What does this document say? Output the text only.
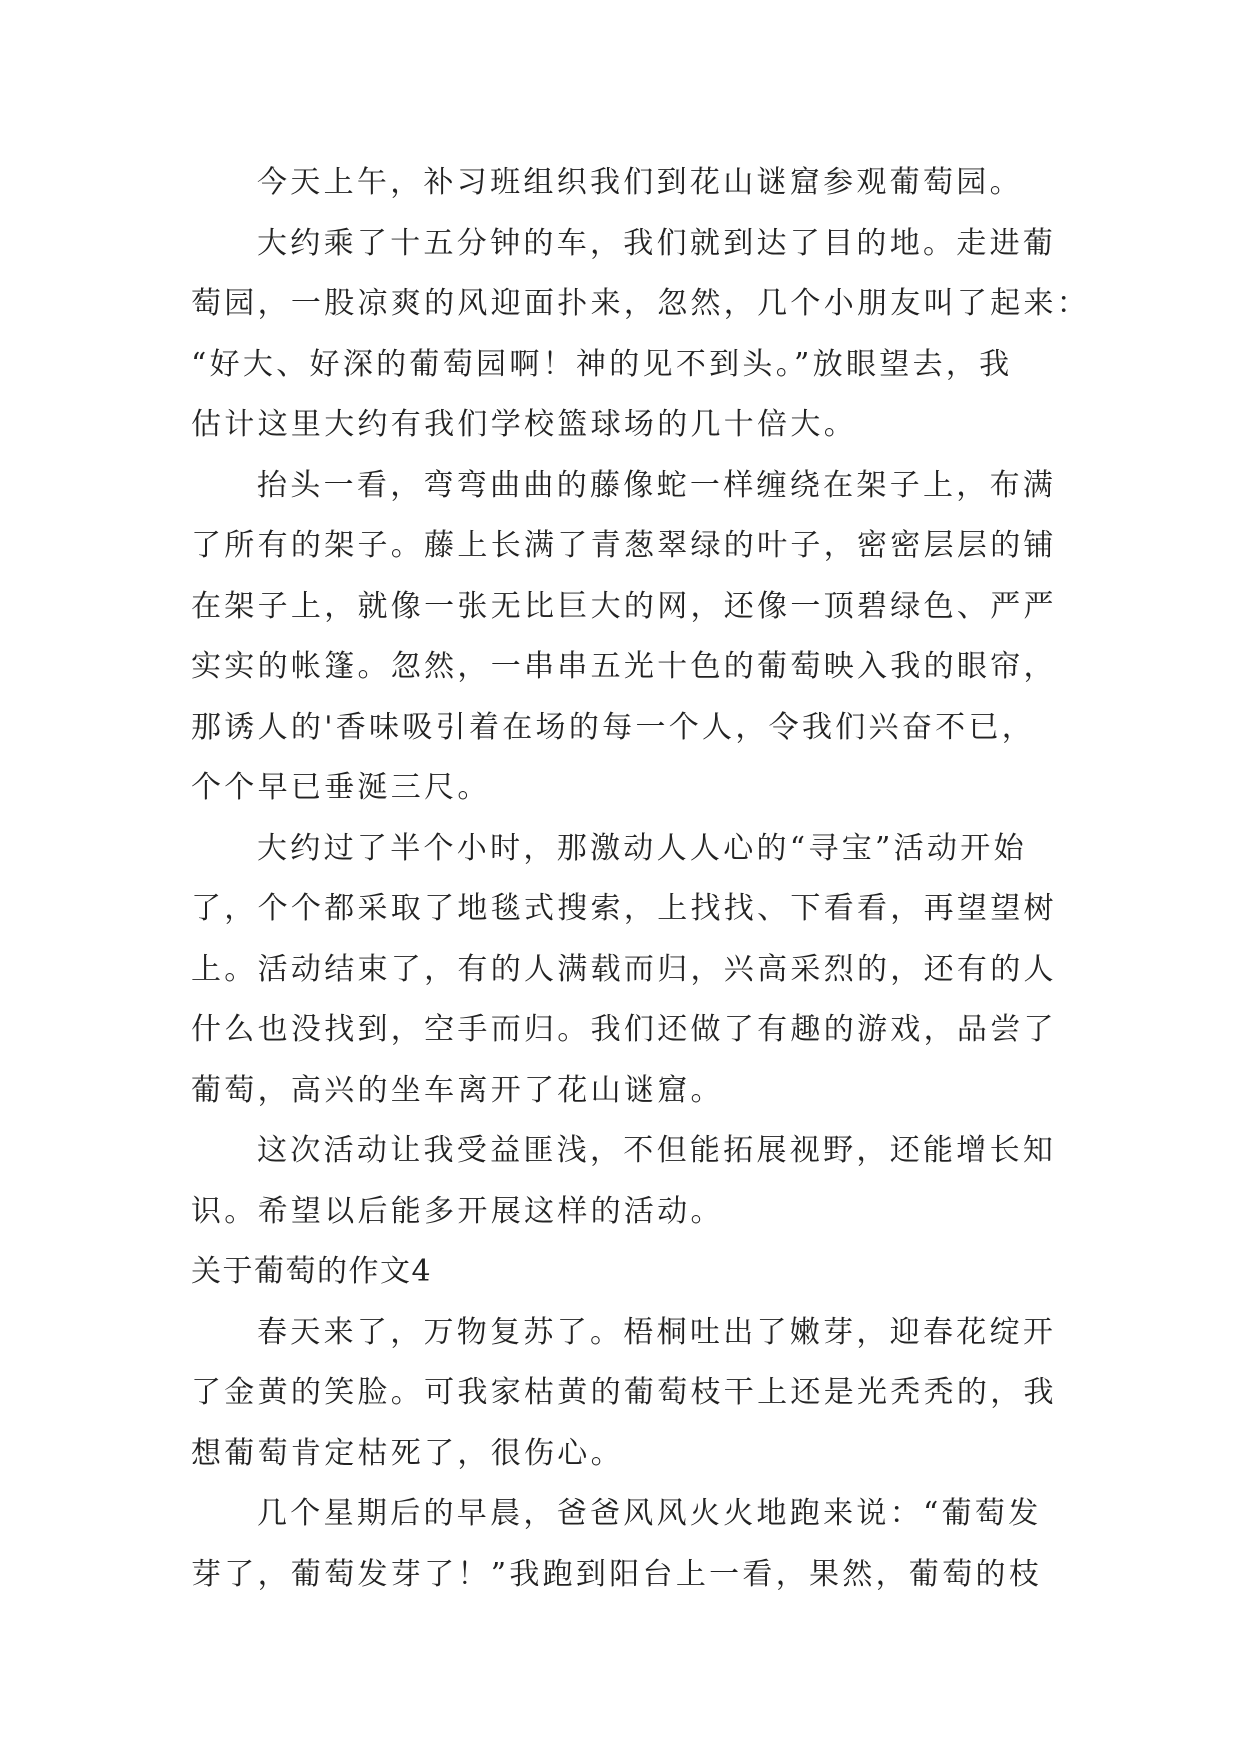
今天上午，补习班组织我们到花山谜窟参观葡萄园。
大约乘了十五分钟的车，我们就到达了目的地。走进葡
萄园，一股凉爽的风迎面扑来，忽然，几个小朋友叫了起来：
“好大、好深的葡萄园啊！神的见不到头。”放眼望去，我
估计这里大约有我们学校篮球场的几十倍大。
抬头一看，弯弯曲曲的藤像蛇一样缠绕在架子上，布满
了所有的架子。藤上长满了青葱翠绿的叶子，密密层层的铺
在架子上，就像一张无比巨大的网，还像一顶碧绿色、严严
实实的帐篷。忽然，一串串五光十色的葡萄映入我的眼帘，
那诱人的'香味吸引着在场的每一个人，令我们兴奋不已，
个个早已垂涎三尺。
大约过了半个小时，那激动人人心的“寻宝”活动开始
了，个个都采取了地毯式搜索，上找找、下看看，再望望树
上。活动结束了，有的人满载而归，兴高采烈的，还有的人
什么也没找到，空手而归。我们还做了有趣的游戏，品尝了
葡萄，高兴的坐车离开了花山谜窟。
这次活动让我受益匪浅，不但能拓展视野，还能增长知
识。希望以后能多开展这样的活动。
关于葡萄的作文4
春天来了，万物复苏了。梧桐吐出了嫩芽，迎春花绽开
了金黄的笑脸。可我家枯黄的葡萄枝干上还是光秃秃的，我
想葡萄肯定枯死了，很伤心。
几个星期后的早晨，爸爸风风火火地跑来说：“葡萄发
芽了，葡萄发芽了！”我跑到阳台上一看，果然，葡萄的枝
